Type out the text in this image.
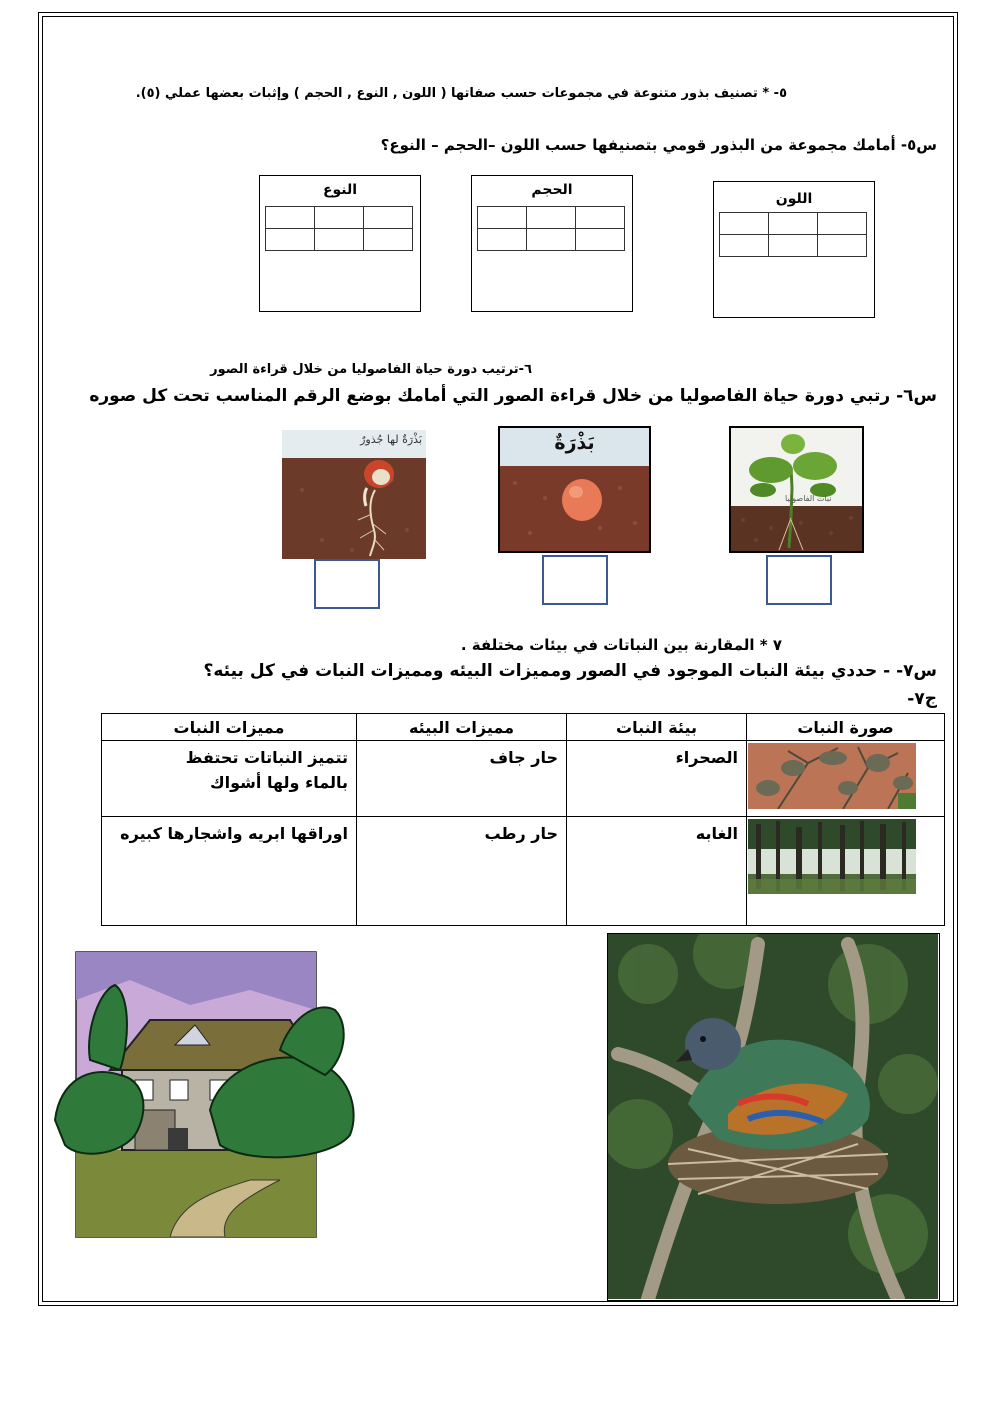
٥- * تصنيف بذور متنوعة في مجموعات حسب صفاتها ( اللون , النوع , الحجم ) وإثبات بعضها عملي (٥).
س٥- أمامك مجموعة من البذور قومي بتصنيفها حسب اللون –الحجم – النوع؟
اللون

الحجم

النوع

٦-ترتيب دورة حياة الفاصوليا من خلال قراءة الصور
س٦- رتبي دورة حياة الفاصوليا من خلال قراءة الصور التي أمامك بوضع الرقم المناسب تحت كل صوره
نبات الفاصوليا
بَذْرَةٌ
بَذْرَةٌ لها جُذورٌ
٧ * المقارنة بين النباتات في بيئات مختلفة .
س٧- - حددي بيئة النبات الموجود في الصور ومميزات البيئه ومميزات النبات في كل بيئه؟
ج٧-
صورة النبات	بيئة النبات	مميزات البيئه	مميزات النبات

الصحراء	حار جاف	تتميز النباتات تحتفظ بالماء ولها أشواك

الغابه	حار رطب	اوراقها ابريه واشجارها كبيره
